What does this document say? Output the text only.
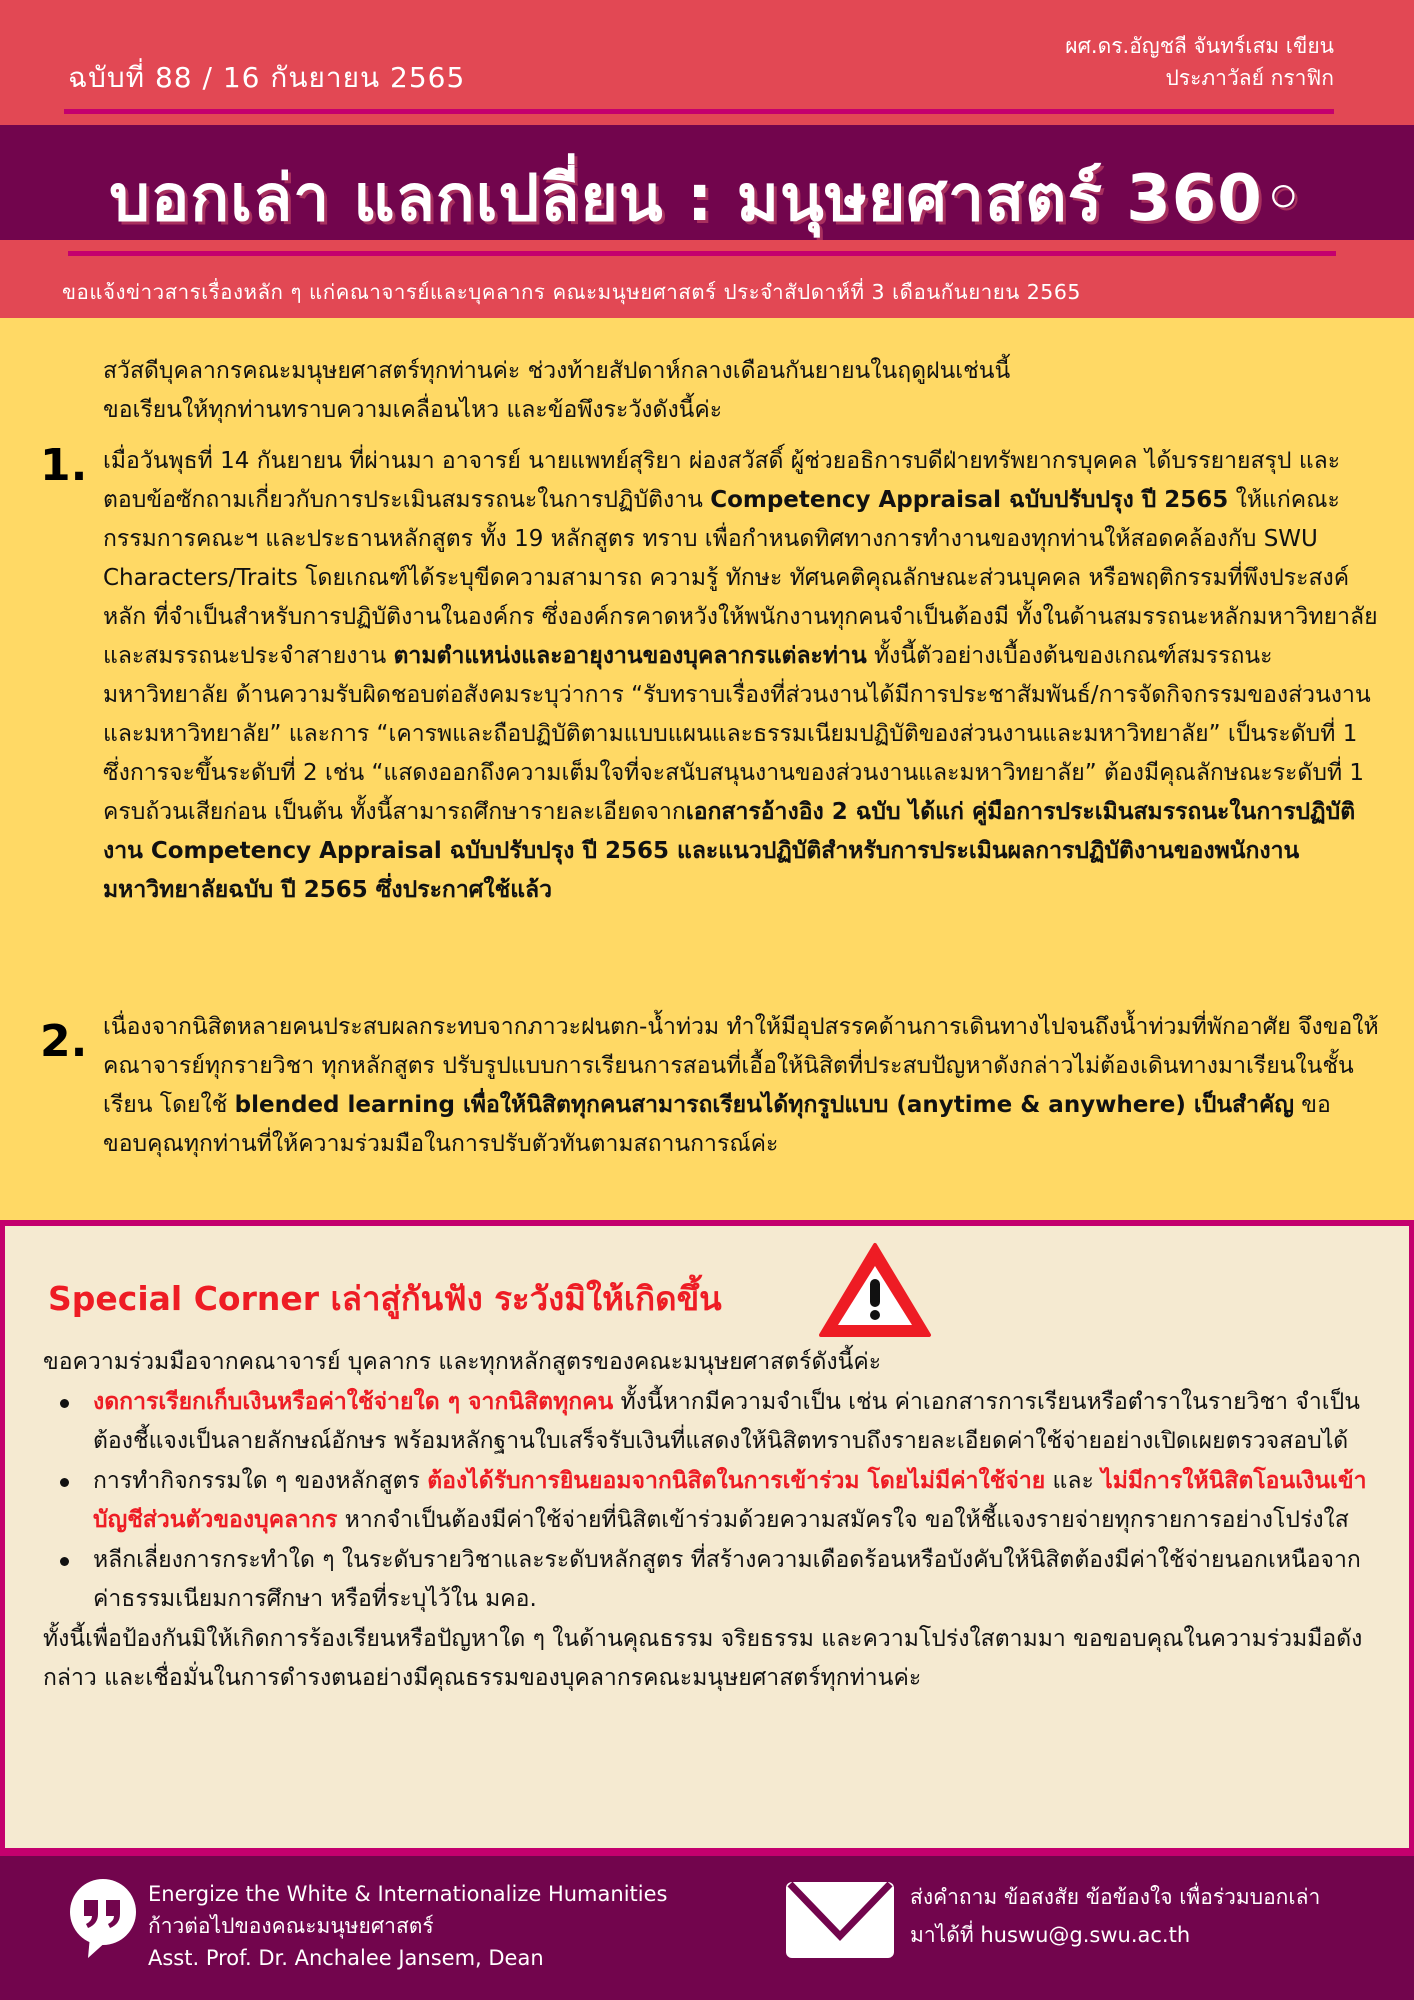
ฉบับที่ 88 / 16 กันยายน 2565
ผศ.ดร.อัญชลี จันทร์เสม เขียน
ประภาวัลย์ กราฟิก
บอกเล่า แลกเปลี่ยน : มนุษยศาสตร์ 360◦
ขอแจ้งข่าวสารเรื่องหลัก ๆ แก่คณาจารย์และบุคลากร คณะมนุษยศาสตร์ ประจำสัปดาห์ที่ 3 เดือนกันยายน 2565
สวัสดีบุคลากรคณะมนุษยศาสตร์ทุกท่านค่ะ ช่วงท้ายสัปดาห์กลางเดือนกันยายนในฤดูฝนเช่นนี้
ขอเรียนให้ทุกท่านทราบความเคลื่อนไหว และข้อพึงระวังดังนี้ค่ะ
1. เมื่อวันพุธที่ 14 กันยายน ที่ผ่านมา อาจารย์ นายแพทย์สุริยา ผ่องสวัสดิ์ ผู้ช่วยอธิการบดีฝ่ายทรัพยากรบุคคล ได้บรรยายสรุป และตอบข้อซักถามเกี่ยวกับการประเมินสมรรถนะในการปฏิบัติงาน Competency Appraisal ฉบับปรับปรุง ปี 2565 ให้แก่คณะกรรมการคณะฯ และประธานหลักสูตร ทั้ง 19 หลักสูตร ทราบ เพื่อกำหนดทิศทางการทำงานของทุกท่านให้สอดคล้องกับ SWU Characters/Traits โดยเกณฑ์ได้ระบุขีดความสามารถ ความรู้ ทักษะ ทัศนคติคุณลักษณะส่วนบุคคล หรือพฤติกรรมที่พึงประสงค์หลัก ที่จำเป็นสำหรับการปฏิบัติงานในองค์กร ซึ่งองค์กรคาดหวังให้พนักงานทุกคนจำเป็นต้องมี ทั้งในด้านสมรรถนะหลักมหาวิทยาลัย และสมรรถนะประจำสายงาน ตามตำแหน่งและอายุงานของบุคลากรแต่ละท่าน ทั้งนี้ตัวอย่างเบื้องต้นของเกณฑ์สมรรถนะมหาวิทยาลัย ด้านความรับผิดชอบต่อสังคมระบุว่าการ “รับทราบเรื่องที่ส่วนงานได้มีการประชาสัมพันธ์/การจัดกิจกรรมของส่วนงานและมหาวิทยาลัย” และการ “เคารพและถือปฏิบัติตามแบบแผนและธรรมเนียมปฏิบัติของส่วนงานและมหาวิทยาลัย” เป็นระดับที่ 1 ซึ่งการจะขึ้นระดับที่ 2 เช่น “แสดงออกถึงความเต็มใจที่จะสนับสนุนงานของส่วนงานและมหาวิทยาลัย” ต้องมีคุณลักษณะระดับที่ 1 ครบถ้วนเสียก่อน เป็นต้น ทั้งนี้สามารถศึกษารายละเอียดจากเอกสารอ้างอิง 2 ฉบับ ได้แก่ คู่มือการประเมินสมรรถนะในการปฏิบัติงาน Competency Appraisal ฉบับปรับปรุง ปี 2565 และแนวปฏิบัติสำหรับการประเมินผลการปฏิบัติงานของพนักงานมหาวิทยาลัยฉบับ ปี 2565 ซึ่งประกาศใช้แล้ว
2. เนื่องจากนิสิตหลายคนประสบผลกระทบจากภาวะฝนตก-น้ำท่วม ทำให้มีอุปสรรคด้านการเดินทางไปจนถึงน้ำท่วมที่พักอาศัย จึงขอให้คณาจารย์ทุกรายวิชา ทุกหลักสูตร ปรับรูปแบบการเรียนการสอนที่เอื้อให้นิสิตที่ประสบปัญหาดังกล่าวไม่ต้องเดินทางมาเรียนในชั้นเรียน โดยใช้ blended learning เพื่อให้นิสิตทุกคนสามารถเรียนได้ทุกรูปแบบ (anytime & anywhere) เป็นสำคัญ ขอขอบคุณทุกท่านที่ให้ความร่วมมือในการปรับตัวทันตามสถานการณ์ค่ะ
Special Corner เล่าสู่กันฟัง ระวังมิให้เกิดขึ้น
ขอความร่วมมือจากคณาจารย์ บุคลากร และทุกหลักสูตรของคณะมนุษยศาสตร์ดังนี้ค่ะ
งดการเรียกเก็บเงินหรือค่าใช้จ่ายใด ๆ จากนิสิตทุกคน ทั้งนี้หากมีความจำเป็น เช่น ค่าเอกสารการเรียนหรือตำราในรายวิชา จำเป็นต้องชี้แจงเป็นลายลักษณ์อักษร พร้อมหลักฐานใบเสร็จรับเงินที่แสดงให้นิสิตทราบถึงรายละเอียดค่าใช้จ่ายอย่างเปิดเผยตรวจสอบได้
การทำกิจกรรมใด ๆ ของหลักสูตร ต้องได้รับการยินยอมจากนิสิตในการเข้าร่วม โดยไม่มีค่าใช้จ่าย และ ไม่มีการให้นิสิตโอนเงินเข้าบัญชีส่วนตัวของบุคลากร หากจำเป็นต้องมีค่าใช้จ่ายที่นิสิตเข้าร่วมด้วยความสมัครใจ ขอให้ชี้แจงรายจ่ายทุกรายการอย่างโปร่งใส
หลีกเลี่ยงการกระทำใด ๆ ในระดับรายวิชาและระดับหลักสูตร ที่สร้างความเดือดร้อนหรือบังคับให้นิสิตต้องมีค่าใช้จ่ายนอกเหนือจากค่าธรรมเนียมการศึกษา หรือที่ระบุไว้ใน มคอ.
ทั้งนี้เพื่อป้องกันมิให้เกิดการร้องเรียนหรือปัญหาใด ๆ ในด้านคุณธรรม จริยธรรม และความโปร่งใสตามมา ขอขอบคุณในความร่วมมือดังกล่าว และเชื่อมั่นในการดำรงตนอย่างมีคุณธรรมของบุคลากรคณะมนุษยศาสตร์ทุกท่านค่ะ
Energize the White & Internationalize Humanities
ก้าวต่อไปของคณะมนุษยศาสตร์
Asst. Prof. Dr. Anchalee Jansem, Dean
ส่งคำถาม ข้อสงสัย ข้อข้องใจ เพื่อร่วมบอกเล่า
มาได้ที่ huswu@g.swu.ac.th
